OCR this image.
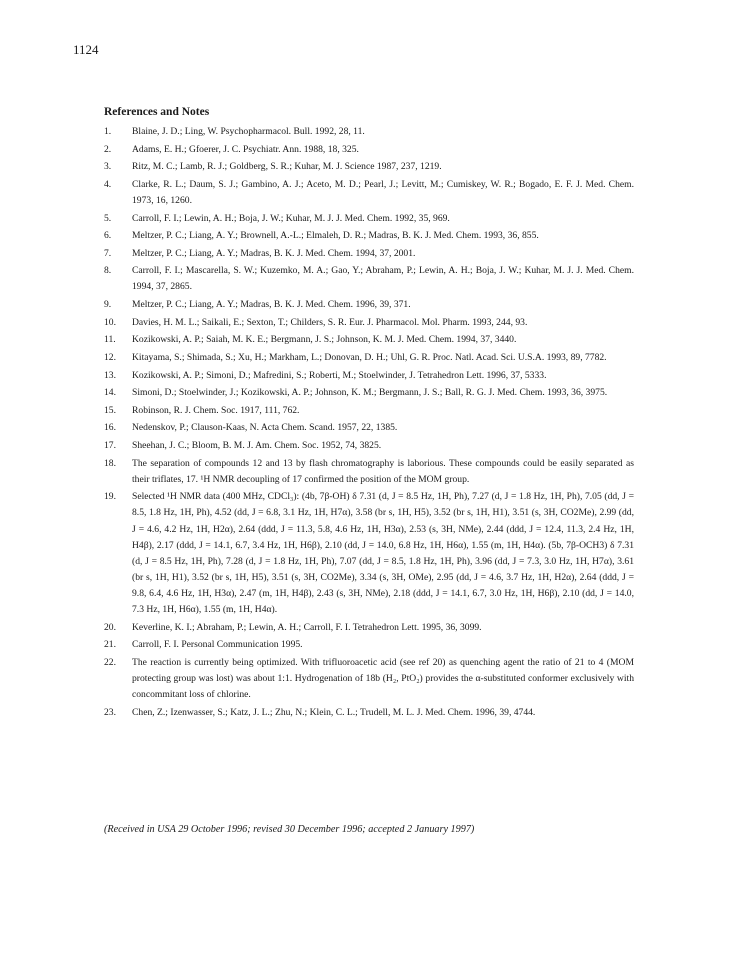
1124
References and Notes
1.	Blaine, J. D.; Ling, W. Psychopharmacol. Bull. 1992, 28, 11.
2.	Adams, E. H.; Gfoerer, J. C. Psychiatr. Ann. 1988, 18, 325.
3.	Ritz, M. C.; Lamb, R. J.; Goldberg, S. R.; Kuhar, M. J. Science 1987, 237, 1219.
4.	Clarke, R. L.; Daum, S. J.; Gambino, A. J.; Aceto, M. D.; Pearl, J.; Levitt, M.; Cumiskey, W. R.; Bogado, E. F. J. Med. Chem. 1973, 16, 1260.
5.	Carroll, F. I.; Lewin, A. H.; Boja, J. W.; Kuhar, M. J. J. Med. Chem. 1992, 35, 969.
6.	Meltzer, P. C.; Liang, A. Y.; Brownell, A.-L.; Elmaleh, D. R.; Madras, B. K. J. Med. Chem. 1993, 36, 855.
7.	Meltzer, P. C.; Liang, A. Y.; Madras, B. K. J. Med. Chem. 1994, 37, 2001.
8.	Carroll, F. I.; Mascarella, S. W.; Kuzemko, M. A.; Gao, Y.; Abraham, P.; Lewin, A. H.; Boja, J. W.; Kuhar, M. J. J. Med. Chem. 1994, 37, 2865.
9.	Meltzer, P. C.; Liang, A. Y.; Madras, B. K. J. Med. Chem. 1996, 39, 371.
10.	Davies, H. M. L.; Saikali, E.; Sexton, T.; Childers, S. R. Eur. J. Pharmacol. Mol. Pharm. 1993, 244, 93.
11.	Kozikowski, A. P.; Saiah, M. K. E.; Bergmann, J. S.; Johnson, K. M. J. Med. Chem. 1994, 37, 3440.
12.	Kitayama, S.; Shimada, S.; Xu, H.; Markham, L.; Donovan, D. H.; Uhl, G. R. Proc. Natl. Acad. Sci. U.S.A. 1993, 89, 7782.
13.	Kozikowski, A. P.; Simoni, D.; Mafredini, S.; Roberti, M.; Stoelwinder, J. Tetrahedron Lett. 1996, 37, 5333.
14.	Simoni, D.; Stoelwinder, J.; Kozikowski, A. P.; Johnson, K. M.; Bergmann, J. S.; Ball, R. G. J. Med. Chem. 1993, 36, 3975.
15.	Robinson, R. J. Chem. Soc. 1917, 111, 762.
16.	Nedenskov, P.; Clauson-Kaas, N. Acta Chem. Scand. 1957, 22, 1385.
17.	Sheehan, J. C.; Bloom, B. M. J. Am. Chem. Soc. 1952, 74, 3825.
18.	The separation of compounds 12 and 13 by flash chromatography is laborious. These compounds could be easily separated as their triflates, 17. ¹H NMR decoupling of 17 confirmed the position of the MOM group.
19.	Selected ¹H NMR data (400 MHz, CDCl₃): (4b, 7β-OH) δ 7.31 (d, J = 8.5 Hz, 1H, Ph), 7.27 (d, J = 1.8 Hz, 1H, Ph), 7.05 (dd, J = 8.5, 1.8 Hz, 1H, Ph), 4.52 (dd, J = 6.8, 3.1 Hz, 1H, H7α), 3.58 (br s, 1H, H5), 3.52 (br s, 1H, H1), 3.51 (s, 3H, CO2Me), 2.99 (dd, J = 4.6, 4.2 Hz, 1H, H2α), 2.64 (ddd, J = 11.3, 5.8, 4.6 Hz, 1H, H3α), 2.53 (s, 3H, NMe), 2.44 (ddd, J = 12.4, 11.3, 2.4 Hz, 1H, H4β), 2.17 (ddd, J = 14.1, 6.7, 3.4 Hz, 1H, H6β), 2.10 (dd, J = 14.0, 6.8 Hz, 1H, H6α), 1.55 (m, 1H, H4α). (5b, 7β-OCH3) δ 7.31 (d, J = 8.5 Hz, 1H, Ph), 7.28 (d, J = 1.8 Hz, 1H, Ph), 7.07 (dd, J = 8.5, 1.8 Hz, 1H, Ph), 3.96 (dd, J = 7.3, 3.0 Hz, 1H, H7α), 3.61 (br s, 1H, H1), 3.52 (br s, 1H, H5), 3.51 (s, 3H, CO2Me), 3.34 (s, 3H, OMe), 2.95 (dd, J = 4.6, 3.7 Hz, 1H, H2α), 2.64 (ddd, J = 9.8, 6.4, 4.6 Hz, 1H, H3α), 2.47 (m, 1H, H4β), 2.43 (s, 3H, NMe), 2.18 (ddd, J = 14.1, 6.7, 3.0 Hz, 1H, H6β), 2.10 (dd, J = 14.0, 7.3 Hz, 1H, H6α), 1.55 (m, 1H, H4α).
20.	Keverline, K. I.; Abraham, P.; Lewin, A. H.; Carroll, F. I. Tetrahedron Lett. 1995, 36, 3099.
21.	Carroll, F. I. Personal Communication 1995.
22.	The reaction is currently being optimized. With trifluoroacetic acid (see ref 20) as quenching agent the ratio of 21 to 4 (MOM protecting group was lost) was about 1:1. Hydrogenation of 18b (H₂, PtO₂) provides the α-substituted conformer exclusively with concommitant loss of chlorine.
23.	Chen, Z.; Izenwasser, S.; Katz, J. L.; Zhu, N.; Klein, C. L.; Trudell, M. L. J. Med. Chem. 1996, 39, 4744.
(Received in USA 29 October 1996; revised 30 December 1996; accepted 2 January 1997)
